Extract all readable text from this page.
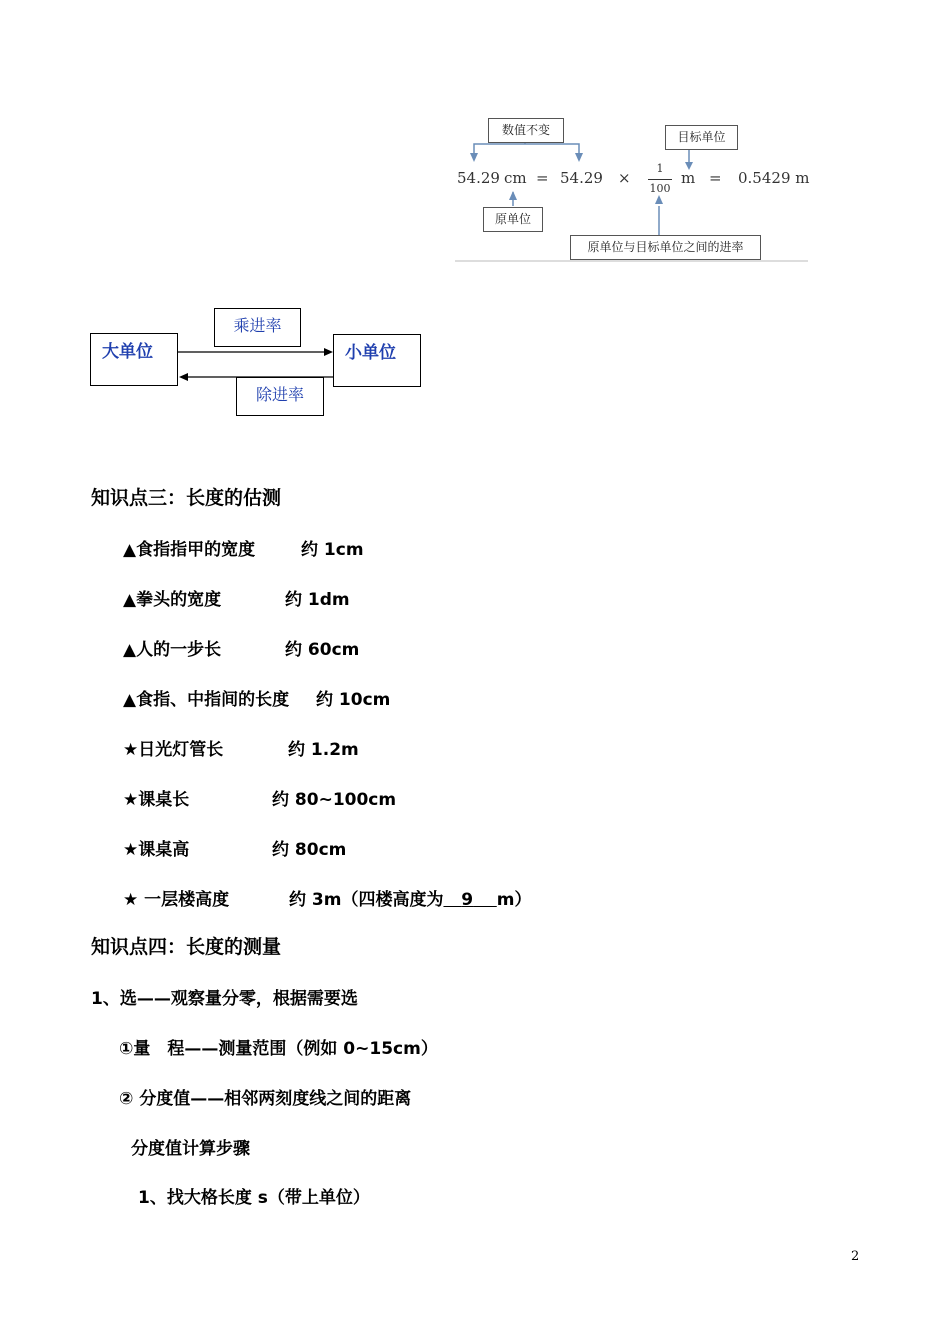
数值不变	目标单位
原单位
原单位与目标单位之间的进率
54.29 cm = 54.29 ×
1
100
m = 0.5429 m
大单位	小单位
乘进率
除进率
知识点三：长度的估测
▲食指指甲的宽度	约 1cm
▲拳头的宽度	约 1dm
▲人的一步长	约 60cm
▲食指、中指间的长度 约 10cm
★日光灯管长	约 1.2m
★课桌长	约 80~100cm
★课桌高	约 80cm
★ 一层楼高度	约 3m（四楼高度为 9 m）
知识点四：长度的测量
1、选——观察量分零，根据需要选
①量　程——测量范围（例如 0~15cm）
② 分度值——相邻两刻度线之间的距离
分度值计算步骤
1、找大格长度 s（带上单位）
2
